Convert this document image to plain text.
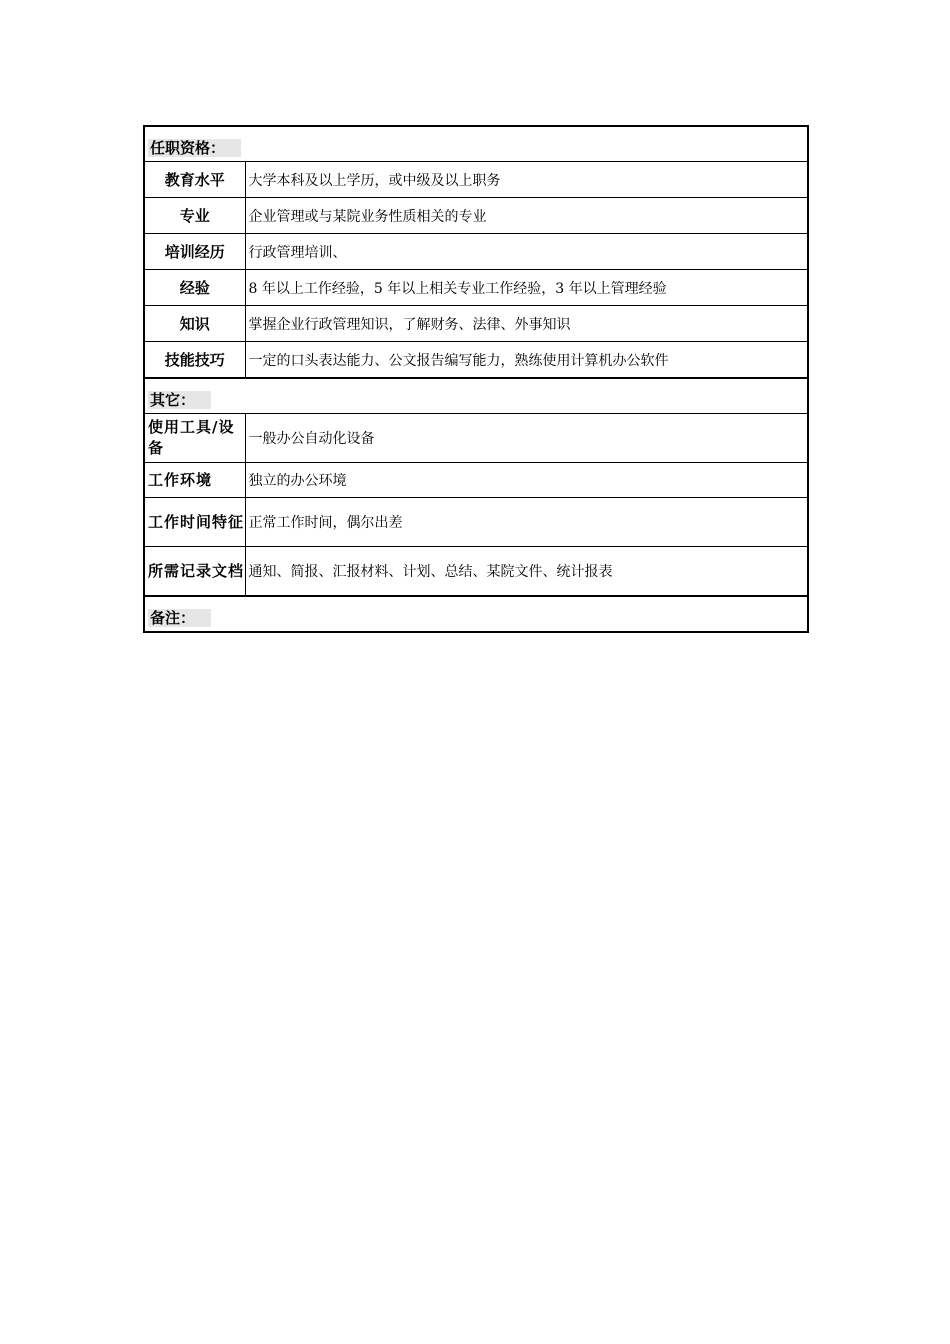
任职资格：	
教育水平	大学本科及以上学历，或中级及以上职务
专业	企业管理或与某院业务性质相关的专业
培训经历	行政管理培训、
经验	8 年以上工作经验，5 年以上相关专业工作经验，3 年以上管理经验
知识	掌握企业行政管理知识，了解财务、法律、外事知识
技能技巧	一定的口头表达能力、公文报告编写能力，熟练使用计算机办公软件
其它：	
使用工具/设备	一般办公自动化设备
工作环境	独立的办公环境
工作时间特征	正常工作时间，偶尔出差
所需记录文档	通知、简报、汇报材料、计划、总结、某院文件、统计报表
备注：	
